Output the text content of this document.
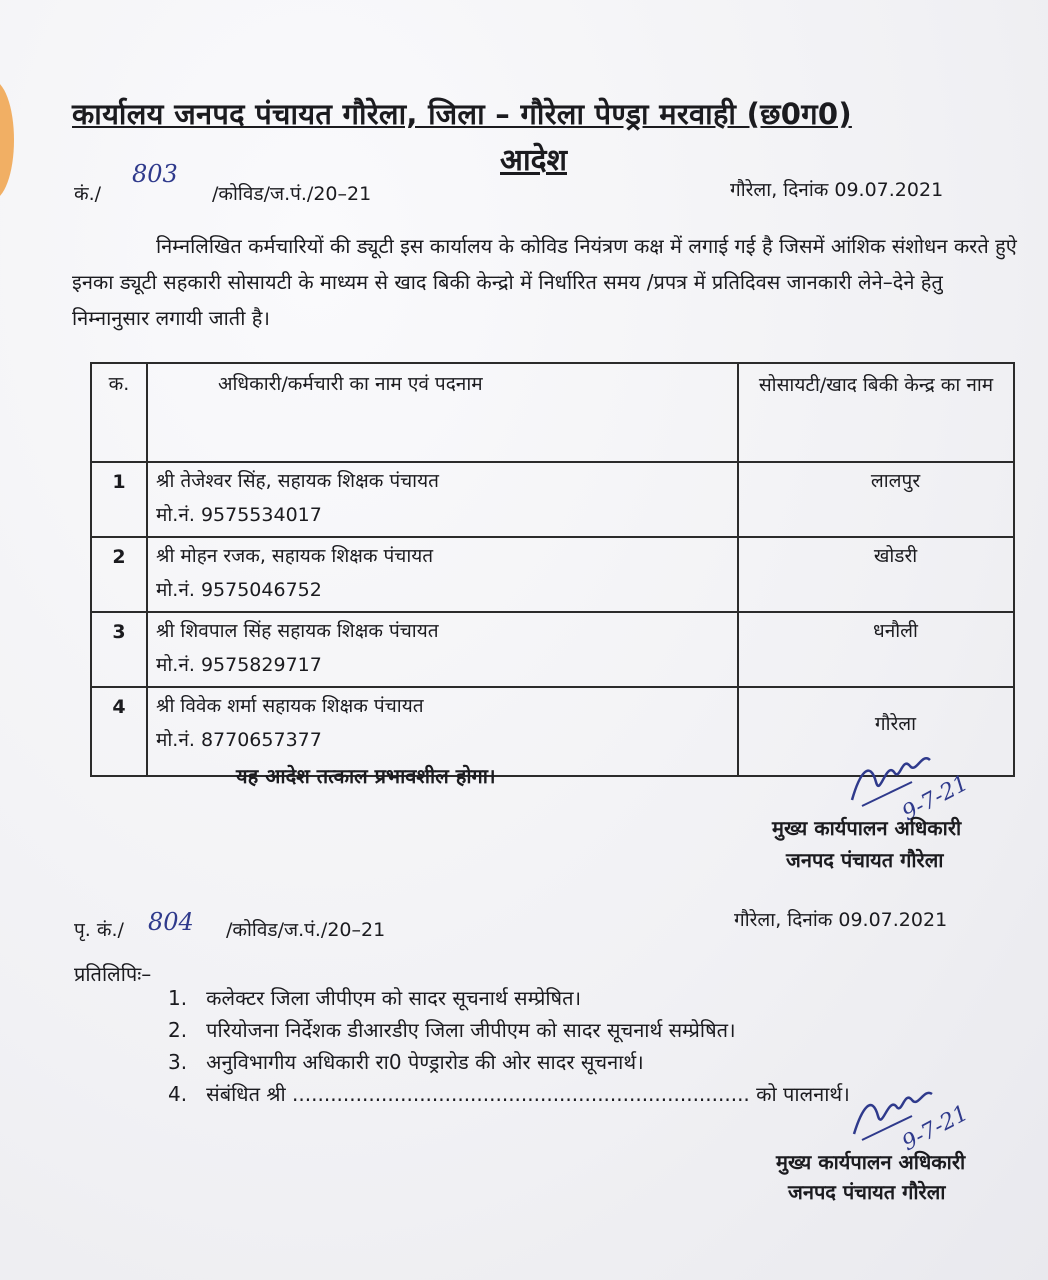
कार्यालय जनपद पंचायत गौरेला, जिला – गौरेला पेण्ड्रा मरवाही (छ0ग0)
आदेश
कं./
803
/कोविड/ज.पं./20–21	गौरेला, दिनांक 09.07.2021
निम्नलिखित कर्मचारियों की ड्यूटी इस कार्यालय के कोविड नियंत्रण कक्ष में लगाई गई है जिसमें आंशिक संशोधन करते हुऐ इनका ड्यूटी सहकारी सोसायटी के माध्यम से खाद बिकी केन्द्रो में निर्धारित समय /प्रपत्र में प्रतिदिवस जानकारी लेने–देने हेतु निम्नानुसार लगायी जाती है।
क.	अधिकारी/कर्मचारी का नाम एवं पदनाम	सोसायटी/खाद बिकी केन्द्र का नाम
1	श्री तेजेश्वर सिंह, सहायक शिक्षक पंचायत
मो.नं. 9575534017	लालपुर
2	श्री मोहन रजक, सहायक शिक्षक पंचायत
मो.नं. 9575046752	खोडरी
3	श्री शिवपाल सिंह सहायक शिक्षक पंचायत
मो.नं. 9575829717	धनौली
4	श्री विवेक शर्मा सहायक शिक्षक पंचायत
मो.नं. 8770657377	गौरेला
यह आदेश तत्काल प्रभावशील होगा।	9-7-21
मुख्य कार्यपालन अधिकारी
जनपद पंचायत गौरेला
पृ. कं./ 804 /कोविड/ज.पं./20–21	गौरेला, दिनांक 09.07.2021
प्रतिलिपिः–
1. कलेक्टर जिला जीपीएम को सादर सूचनार्थ सम्प्रेषित।
2. परियोजना निर्देशक डीआरडीए जिला जीपीएम को सादर सूचनार्थ सम्प्रेषित।
3. अनुविभागीय अधिकारी रा0 पेण्ड्रारोड की ओर सादर सूचनार्थ।
4. संबंधित श्री ........................................................................ को पालनार्थ।
9-7-21
मुख्य कार्यपालन अधिकारी
जनपद पंचायत गौरेला
